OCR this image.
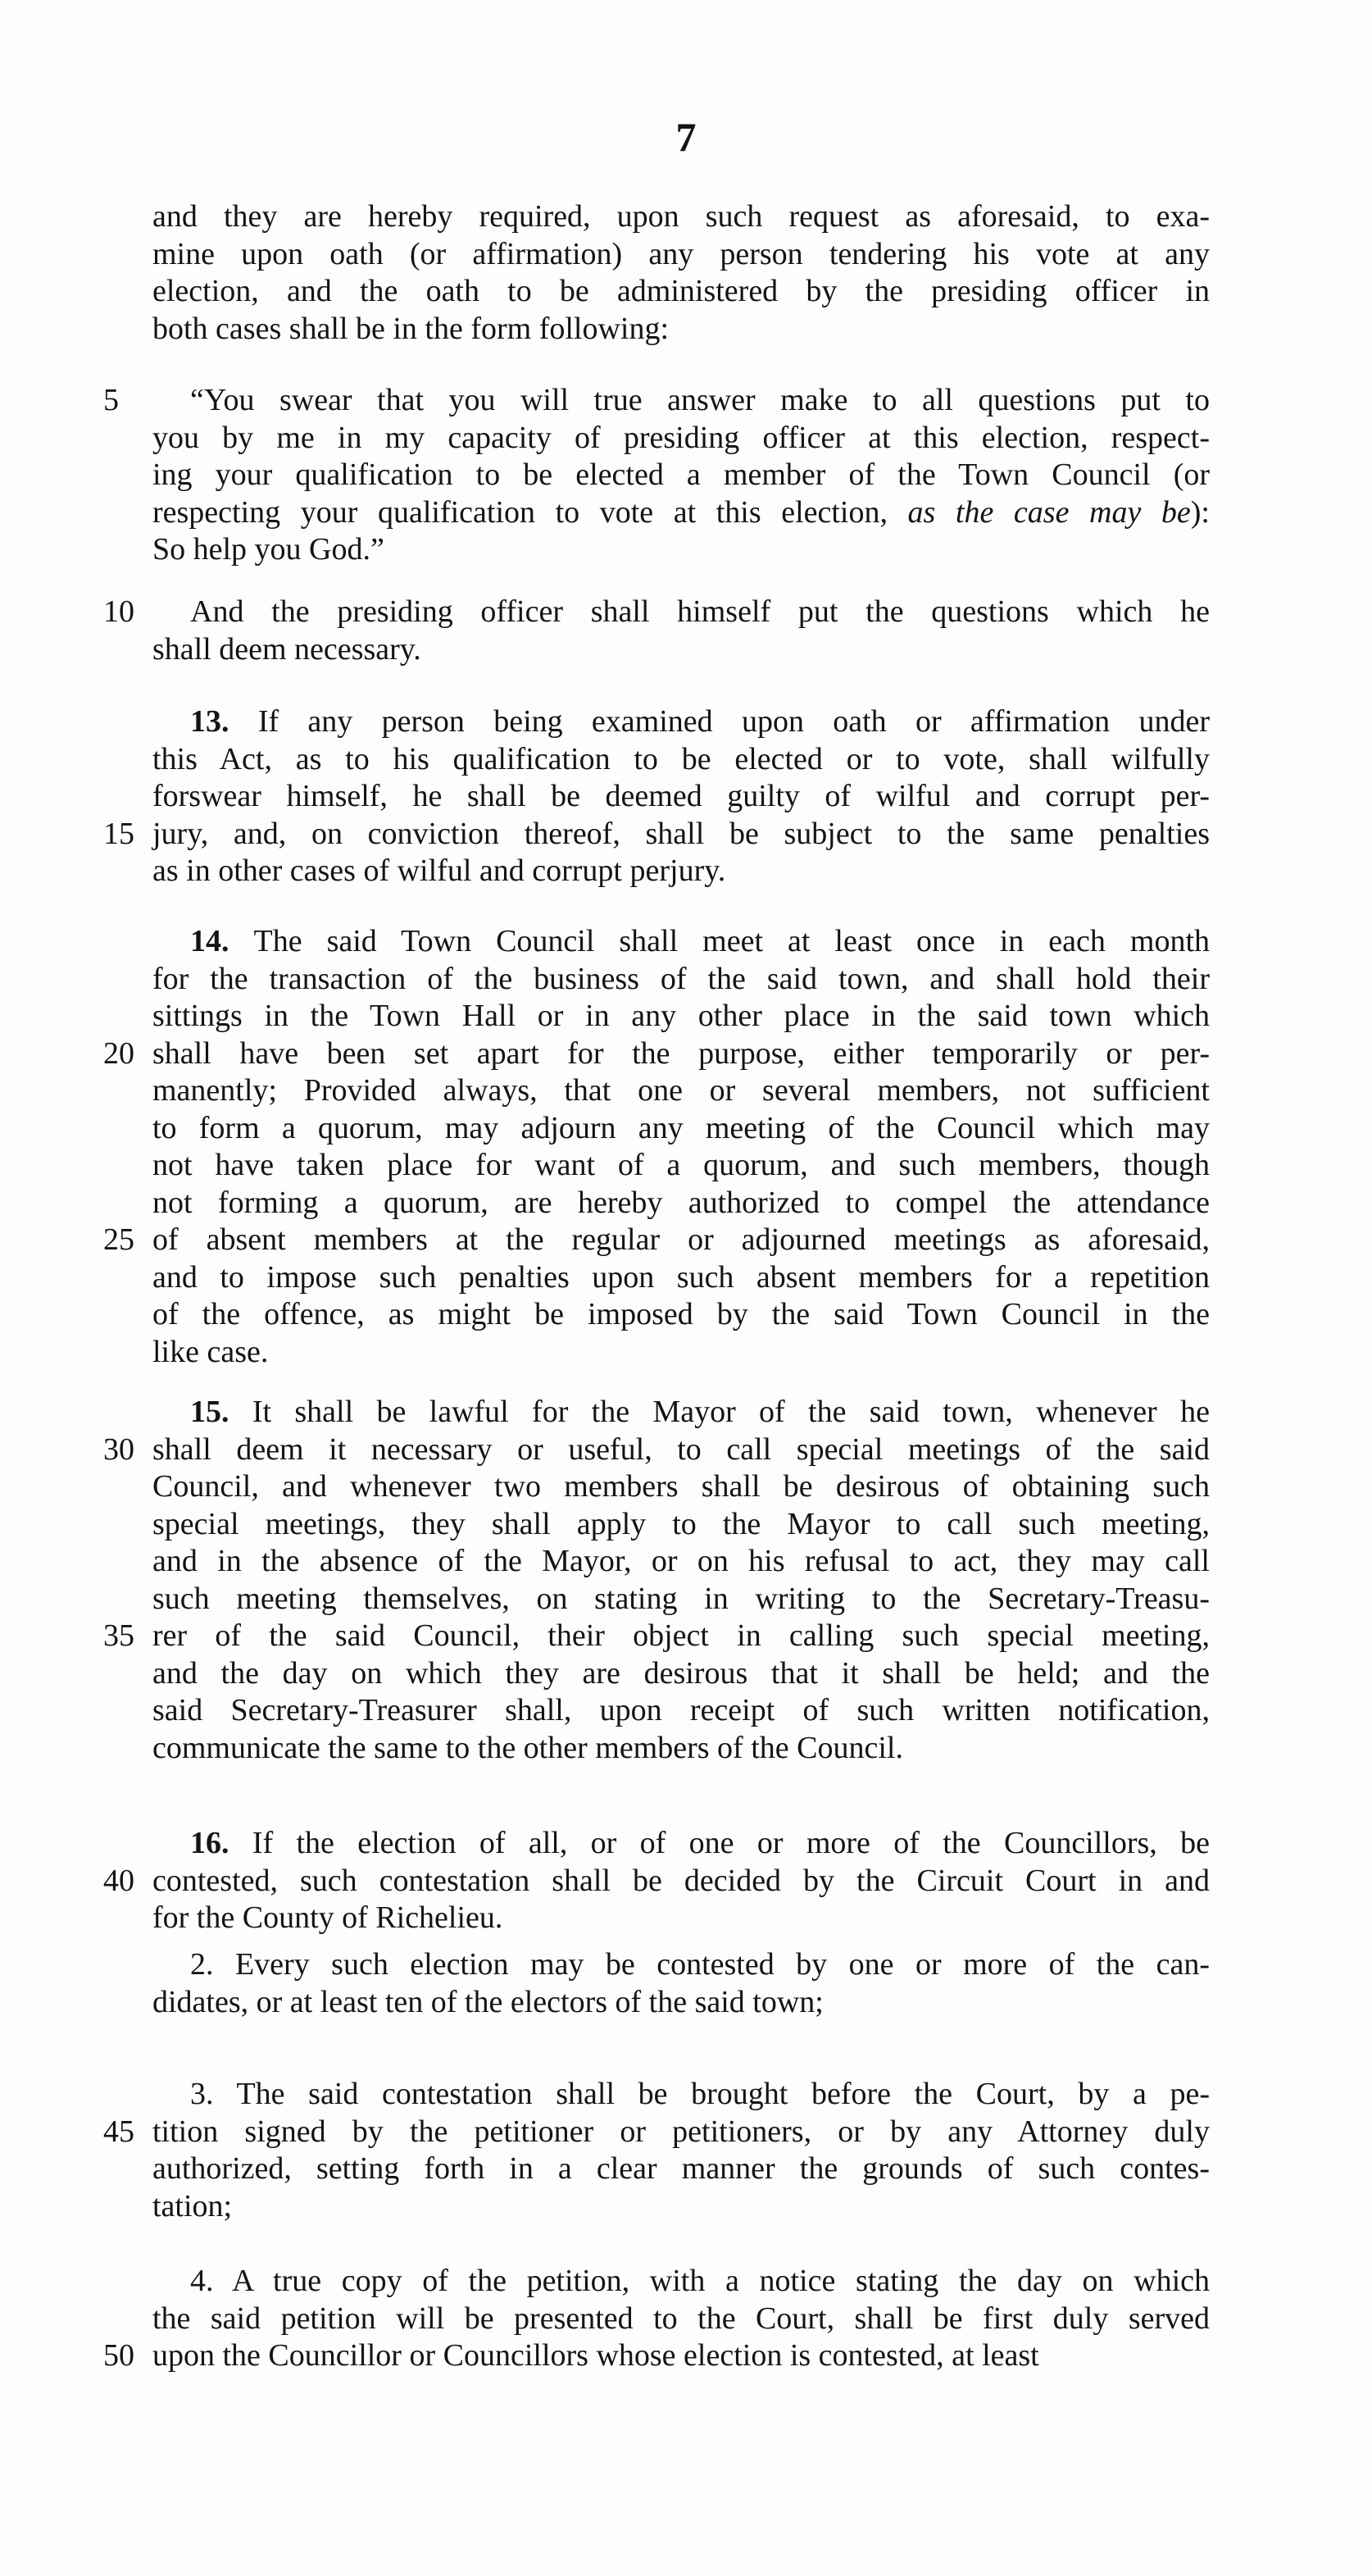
7
and they are hereby required, upon such request as aforesaid, to exa-
mine upon oath (or affirmation) any person tendering his vote at any
election, and the oath to be administered by the presiding officer in
both cases shall be in the form following:
5	“You swear that you will true answer make to all questions put to
you by me in my capacity of presiding officer at this election, respect-
ing your qualification to be elected a member of the Town Council (or
respecting your qualification to vote at this election, as the case may be):
So help you God.”
10	And the presiding officer shall himself put the questions which he
shall deem necessary.
13. If any person being examined upon oath or affirmation under
this Act, as to his qualification to be elected or to vote, shall wilfully
forswear himself, he shall be deemed guilty of wilful and corrupt per-
15 jury, and, on conviction thereof, shall be subject to the same penalties
as in other cases of wilful and corrupt perjury.
14. The said Town Council shall meet at least once in each month
for the transaction of the business of the said town, and shall hold their
sittings in the Town Hall or in any other place in the said town which
20 shall have been set apart for the purpose, either temporarily or per-
manently; Provided always, that one or several members, not sufficient
to form a quorum, may adjourn any meeting of the Council which may
not have taken place for want of a quorum, and such members, though
not forming a quorum, are hereby authorized to compel the attendance
25 of absent members at the regular or adjourned meetings as aforesaid,
and to impose such penalties upon such absent members for a repetition
of the offence, as might be imposed by the said Town Council in the
like case.
15. It shall be lawful for the Mayor of the said town, whenever he
30 shall deem it necessary or useful, to call special meetings of the said
Council, and whenever two members shall be desirous of obtaining such
special meetings, they shall apply to the Mayor to call such meeting,
and in the absence of the Mayor, or on his refusal to act, they may call
such meeting themselves, on stating in writing to the Secretary-Treasu-
35 rer of the said Council, their object in calling such special meeting,
and the day on which they are desirous that it shall be held; and the
said Secretary-Treasurer shall, upon receipt of such written notification,
communicate the same to the other members of the Council.
16. If the election of all, or of one or more of the Councillors, be
40 contested, such contestation shall be decided by the Circuit Court in and
for the County of Richelieu.
2. Every such election may be contested by one or more of the can-
didates, or at least ten of the electors of the said town;
3. The said contestation shall be brought before the Court, by a pe-
45 tition signed by the petitioner or petitioners, or by any Attorney duly
authorized, setting forth in a clear manner the grounds of such contes-
tation;
4. A true copy of the petition, with a notice stating the day on which
the said petition will be presented to the Court, shall be first duly served
50 upon the Councillor or Councillors whose election is contested, at least
